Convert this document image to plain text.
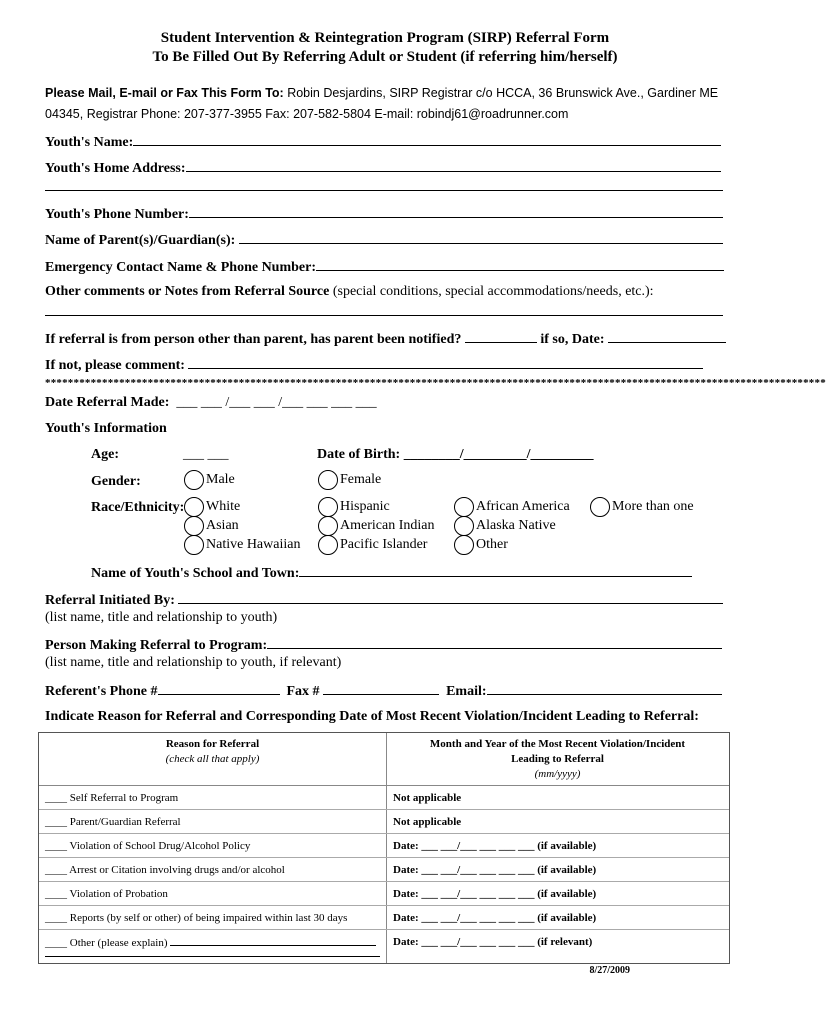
Student Intervention & Reintegration Program (SIRP) Referral Form
To Be Filled Out By Referring Adult or Student (if referring him/herself)
Please Mail, E-mail or Fax This Form To: Robin Desjardins, SIRP Registrar c/o HCCA, 36 Brunswick Ave., Gardiner ME
04345, Registrar Phone: 207-377-3955 Fax: 207-582-5804 E-mail: robindj61@roadrunner.com
Youth's Name:
Youth's Home Address:
Youth's Phone Number:
Name of Parent(s)/Guardian(s):
Emergency Contact Name & Phone Number:
Other comments or Notes from Referral Source (special conditions, special accommodations/needs, etc.):
If referral is from person other than parent, has parent been notified?	if so, Date:
If not, please comment:
*****************************************************************************************************************************************
Date Referral Made: ___ ___ /___ ___ /___ ___ ___ ___
Youth's Information
Age:	___ ___	Date of Birth: ________/_________/_________
Gender:	Male	Female
Race/Ethnicity: White	Hispanic	African America	More than one
Asian	American Indian	Alaska Native
Native Hawaiian	Pacific Islander	Other
Name of Youth's School and Town:
Referral Initiated By:
(list name, title and relationship to youth)
Person Making Referral to Program:
(list name, title and relationship to youth, if relevant)
Referent's Phone #	Fax #	Email:
Indicate Reason for Referral and Corresponding Date of Most Recent Violation/Incident Leading to Referral:
Reason for Referral
(check all that apply)
Month and Year of the Most Recent Violation/Incident
Leading to Referral
(mm/yyyy)
____ Self Referral to Program	Not applicable
____ Parent/Guardian Referral	Not applicable
____ Violation of School Drug/Alcohol Policy	Date: ___ ___/___ ___ ___ ___ (if available)
____ Arrest or Citation involving drugs and/or alcohol	Date: ___ ___/___ ___ ___ ___ (if available)
____ Violation of Probation	Date: ___ ___/___ ___ ___ ___ (if available)
____ Reports (by self or other) of being impaired within last 30 days	Date: ___ ___/___ ___ ___ ___ (if available)
____ Other (please explain)	Date: ___ ___/___ ___ ___ ___ (if relevant)
8/27/2009
